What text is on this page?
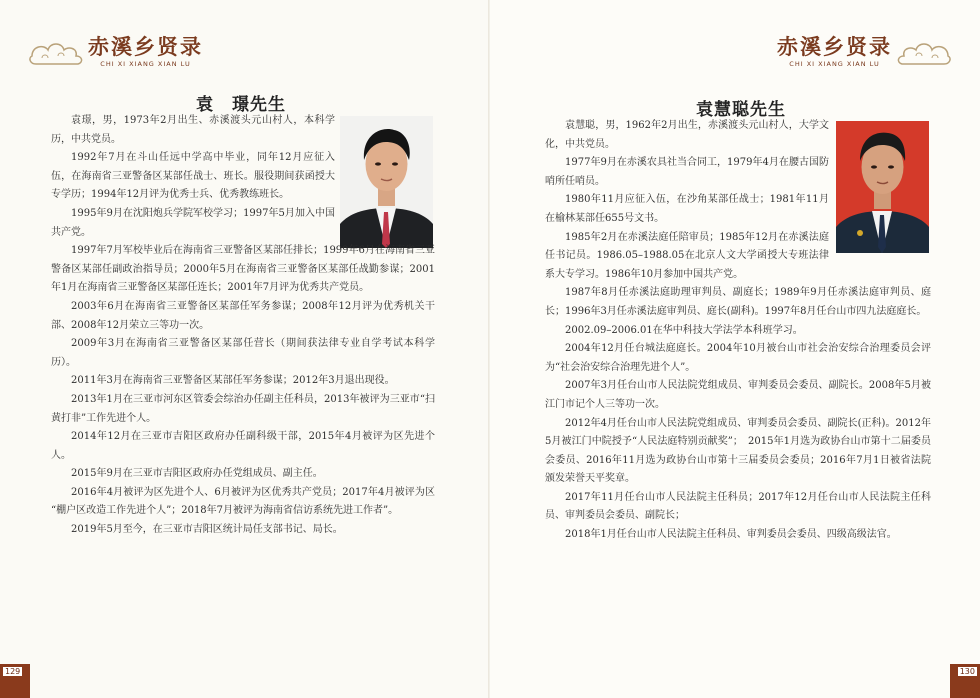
赤溪乡贤录
CHI XI XIANG XIAN LU
袁　璟先生

袁璟，男，1973年2月出生、赤溪渡头元山村人，本科学历，中共党员。

1992年7月在斗山任远中学高中毕业，同年12月应征入伍，在海南省三亚警备区某部任战士、班长。服役期间获函授大专学历；1994年12月评为优秀士兵、优秀教练班长。

1995年9月在沈阳炮兵学院军校学习；1997年5月加入中国共产党。

1997年7月军校毕业后在海南省三亚警备区某部任排长；1999年6月在海南省三亚警备区某部任副政治指导员；2000年5月在海南省三亚警备区某部任战勤参谋；2001年1月在海南省三亚警备区某部任连长；2001年7月评为优秀共产党员。

2003年6月在海南省三亚警备区某部任军务参谋；2008年12月评为优秀机关干部、2008年12月荣立三等功一次。

2009年3月在海南省三亚警备区某部任营长（期间获法律专业自学考试本科学历）。

2011年3月在海南省三亚警备区某部任军务参谋；2012年3月退出现役。

2013年1月在三亚市河东区管委会综治办任副主任科员，2013年被评为三亚市“扫黄打非”工作先进个人。

2014年12月在三亚市吉阳区政府办任副科级干部，2015年4月被评为区先进个人。

2015年9月在三亚市吉阳区政府办任党组成员、副主任。

2016年4月被评为区先进个人、6月被评为区优秀共产党员；2017年4月被评为区 “棚户区改造工作先进个人”；2018年7月被评为海南省信访系统先进工作者”。

2019年5月至今，在三亚市吉阳区统计局任支部书记、局长。

129
赤溪乡贤录
CHI XI XIANG XIAN LU
袁慧聪先生

袁慧聪，男，1962年2月出生，赤溪渡头元山村人，大学文化，中共党员。

1977年9月在赤溪农具社当合同工，1979年4月在腰古国防哨所任哨员。

1980年11月应征入伍，在沙角某部任战士；1981年11月在榆林某部任655号文书。

1985年2月在赤溪法庭任陪审员；1985年12月在赤溪法庭任书记员。1986.05–1988.05在北京人文大学函授大专班法律系大专学习。1986年10月参加中国共产党。

1987年8月任赤溪法庭助理审判员、副庭长；1989年9月任赤溪法庭审判员、庭长；1996年3月任赤溪法庭审判员、庭长(副科)。1997年8月任台山市四九法庭庭长。

2002.09–2006.01在华中科技大学法学本科班学习。

2004年12月任台城法庭庭长。2004年10月被台山市社会治安综合治理委员会评为“社会治安综合治理先进个人”。

2007年3月任台山市人民法院党组成员、审判委员会委员、副院长。2008年5月被江门市记个人三等功一次。

2012年4月任台山市人民法院党组成员、审判委员会委员、副院长(正科)。2012年5月被江门中院授予“人民法庭特别贡献奖”；　2015年1月选为政协台山市第十二届委员会委员、2016年11月选为政协台山市第十三届委员会委员；2016年7月1日被省法院颁发荣誉天平奖章。

2017年11月任台山市人民法院主任科员；2017年12月任台山市人民法院主任科员、审判委员会委员、副院长；

2018年1月任台山市人民法院主任科员、审判委员会委员、四级高级法官。

130
